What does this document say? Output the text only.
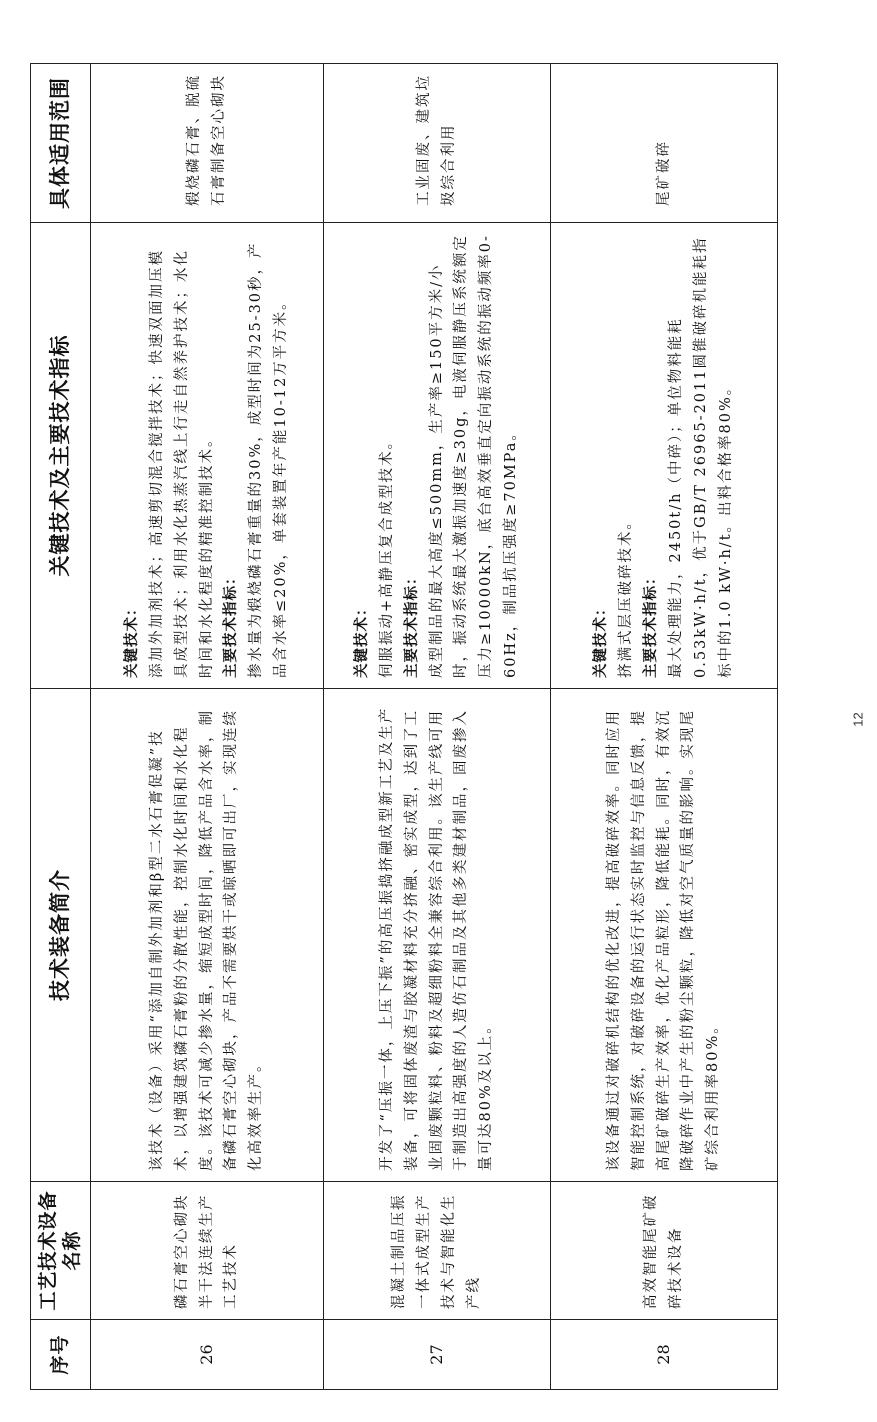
序号	工艺技术设备名称	技术装备简介	关键技术及主要技术指标	具体适用范围
26	磷石膏空心砌块半干法连续生产工艺技术	该技术（设备）采用“添加自制外加剂和β型二水石膏促凝”技术，以增强建筑磷石膏粉的分散性能，控制水化时间和水化程度。该技术可减少掺水量，缩短成型时间，降低产品含水率，制备磷石膏空心砌块，产品不需要烘干或晾晒即可出厂，实现连续化高效率生产。	关键技术： 添加外加剂技术；高速剪切混合搅拌技术；快速双面加压模具成型技术；利用水化热蒸汽线上行走自然养护技术；水化时间和水化程度的精准控制技术。 主要技术指标： 掺水量为煅烧磷石膏重量的30%，成型时间为25-30秒，产品含水率≤20%，单套装置年产能10-12万平方米。	煅烧磷石膏、脱硫石膏制备空心砌块
27	混凝土制品压振一体式成型生产技术与智能化生产线	开发了“压振一体，上压下振”的高压振捣挤融成型新工艺及生产装备，可将固体废渣与胶凝材料充分挤融、密实成型，达到了工业固废颗粒料、粉料及超细粉料全兼容综合利用。该生产线可用于制造出高强度的人造仿石制品及其他多类建材制品，固废掺入量可达80%及以上。	关键技术： 伺服振动+高静压复合成型技术。 主要技术指标： 成型制品的最大高度≤500mm，生产率≥150平方米/小时，振动系统最大激振加速度≥30g，电液伺服静压系统额定压力≥10000kN，底台高效垂直定向振动系统的振动频率0-60Hz，制品抗压强度≥70MPa。	工业固废、建筑垃圾综合利用
28	高效智能尾矿破碎技术设备	该设备通过对破碎机结构的优化改进，提高破碎效率。同时应用智能控制系统，对破碎设备的运行状态实时监控与信息反馈，提高尾矿破碎生产效率，优化产品粒形，降低能耗。同时，有效沉降破碎作业中产生的粉尘颗粒，降低对空气质量的影响。实现尾矿综合利用率80%。	关键技术： 挤满式层压破碎技术。 主要技术指标： 最大处理能力，2450t/h（中碎）；单位物料能耗0.53kW·h/t，优于GB/T 26965-2011圆锥破碎机能耗指标中的1.0 kW·h/t。出料合格率80%。	尾矿破碎
12
